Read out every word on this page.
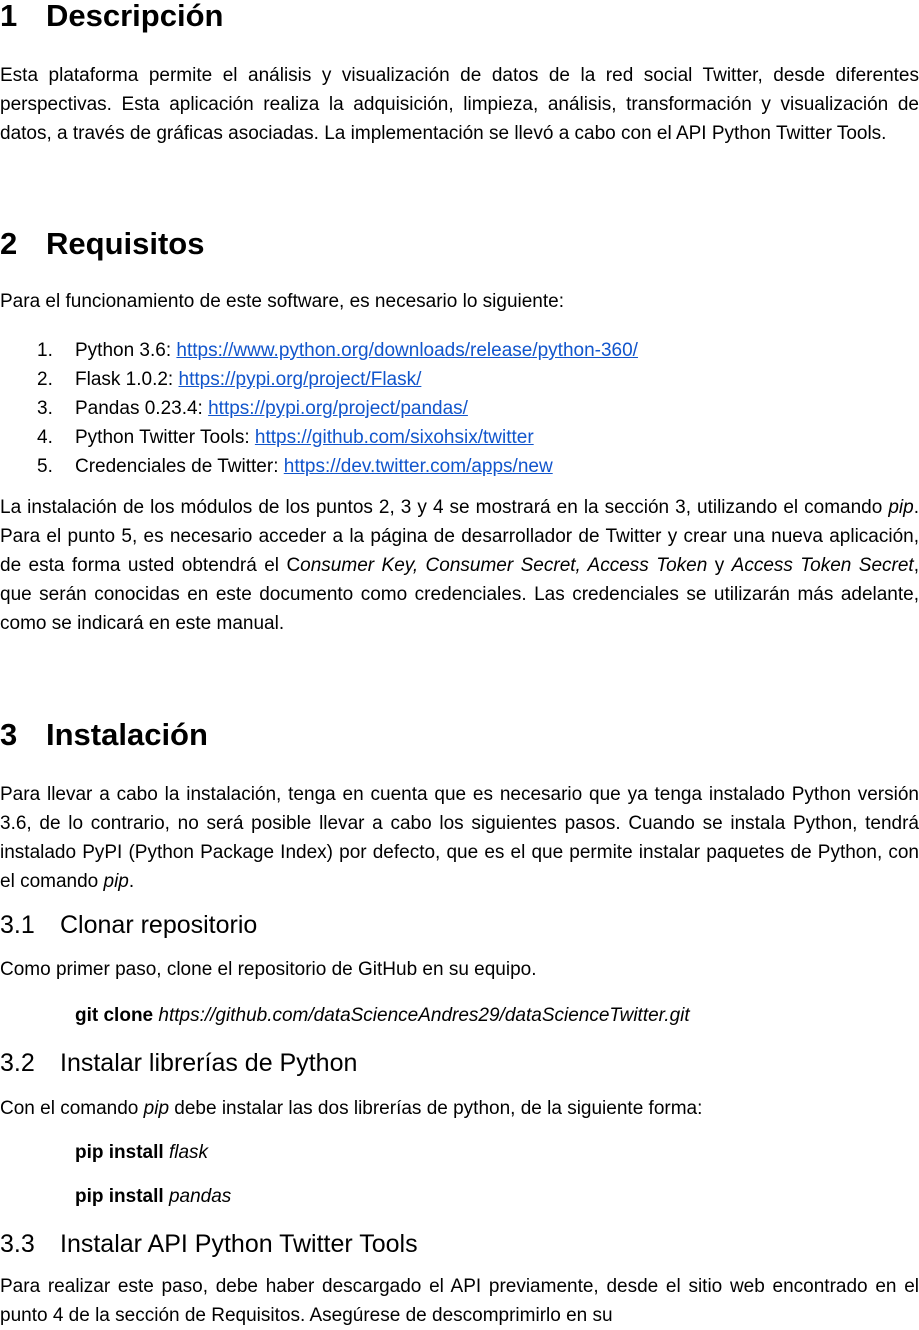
1 Descripción

Esta plataforma permite el análisis y visualización de datos de la red social Twitter, desde diferentes perspectivas. Esta aplicación realiza la adquisición, limpieza, análisis, transformación y visualización de datos, a través de gráficas asociadas. La implementación se llevó a cabo con el API Python Twitter Tools.

2 Requisitos

Para el funcionamiento de este software, es necesario lo siguiente:

1. Python 3.6: https://www.python.org/downloads/release/python-360/
2. Flask 1.0.2: https://pypi.org/project/Flask/
3. Pandas 0.23.4: https://pypi.org/project/pandas/
4. Python Twitter Tools: https://github.com/sixohsix/twitter
5. Credenciales de Twitter: https://dev.twitter.com/apps/new

La instalación de los módulos de los puntos 2, 3 y 4 se mostrará en la sección 3, utilizando el comando pip. Para el punto 5, es necesario acceder a la página de desarrollador de Twitter y crear una nueva aplicación, de esta forma usted obtendrá el Consumer Key, Consumer Secret, Access Token y Access Token Secret, que serán conocidas en este documento como credenciales. Las credenciales se utilizarán más adelante, como se indicará en este manual.

3 Instalación

Para llevar a cabo la instalación, tenga en cuenta que es necesario que ya tenga instalado Python versión 3.6, de lo contrario, no será posible llevar a cabo los siguientes pasos. Cuando se instala Python, tendrá instalado PyPI (Python Package Index) por defecto, que es el que permite instalar paquetes de Python, con el comando pip.

3.1 Clonar repositorio

Como primer paso, clone el repositorio de GitHub en su equipo.

git clone https://github.com/dataScienceAndres29/dataScienceTwitter.git
3.2 Instalar librerías de Python

Con el comando pip debe instalar las dos librerías de python, de la siguiente forma:

pip install flask
pip install pandas
3.3 Instalar API Python Twitter Tools

Para realizar este paso, debe haber descargado el API previamente, desde el sitio web encontrado en el punto 4 de la sección de Requisitos. Asegúrese de descomprimirlo en su
